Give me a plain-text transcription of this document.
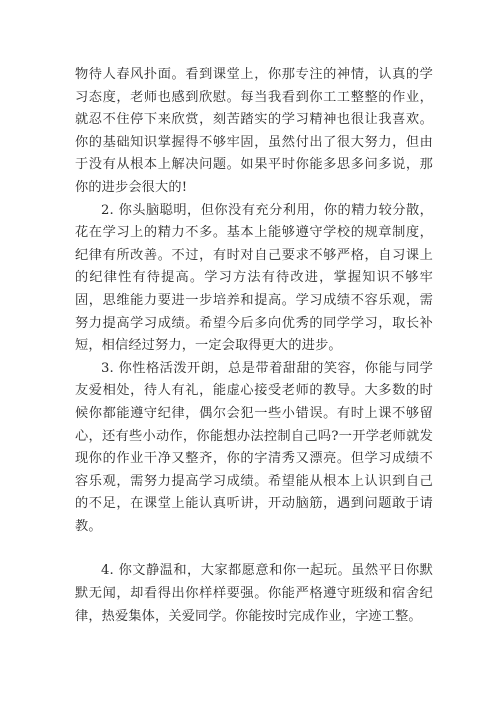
物待人春风扑面。看到课堂上，你那专注的神情，认真的学习态度，老师也感到欣慰。每当我看到你工工整整的作业，就忍不住停下来欣赏，刻苦踏实的学习精神也很让我喜欢。你的基础知识掌握得不够牢固，虽然付出了很大努力，但由于没有从根本上解决问题。如果平时你能多思多问多说，那你的进步会很大的!

2. 你头脑聪明，但你没有充分利用，你的精力较分散，花在学习上的精力不多。基本上能够遵守学校的规章制度，纪律有所改善。不过，有时对自己要求不够严格，自习课上的纪律性有待提高。学习方法有待改进，掌握知识不够牢固，思维能力要进一步培养和提高。学习成绩不容乐观，需努力提高学习成绩。希望今后多向优秀的同学学习，取长补短，相信经过努力，一定会取得更大的进步。

3. 你性格活泼开朗，总是带着甜甜的笑容，你能与同学友爱相处，待人有礼，能虚心接受老师的教导。大多数的时候你都能遵守纪律，偶尔会犯一些小错误。有时上课不够留心，还有些小动作，你能想办法控制自己吗?一开学老师就发现你的作业干净又整齐，你的字清秀又漂亮。但学习成绩不容乐观，需努力提高学习成绩。希望能从根本上认识到自己的不足，在课堂上能认真听讲，开动脑筋，遇到问题敢于请教。

4. 你文静温和，大家都愿意和你一起玩。虽然平日你默默无闻，却看得出你样样要强。你能严格遵守班级和宿舍纪律，热爱集体，关爱同学。你能按时完成作业，字迹工整。
